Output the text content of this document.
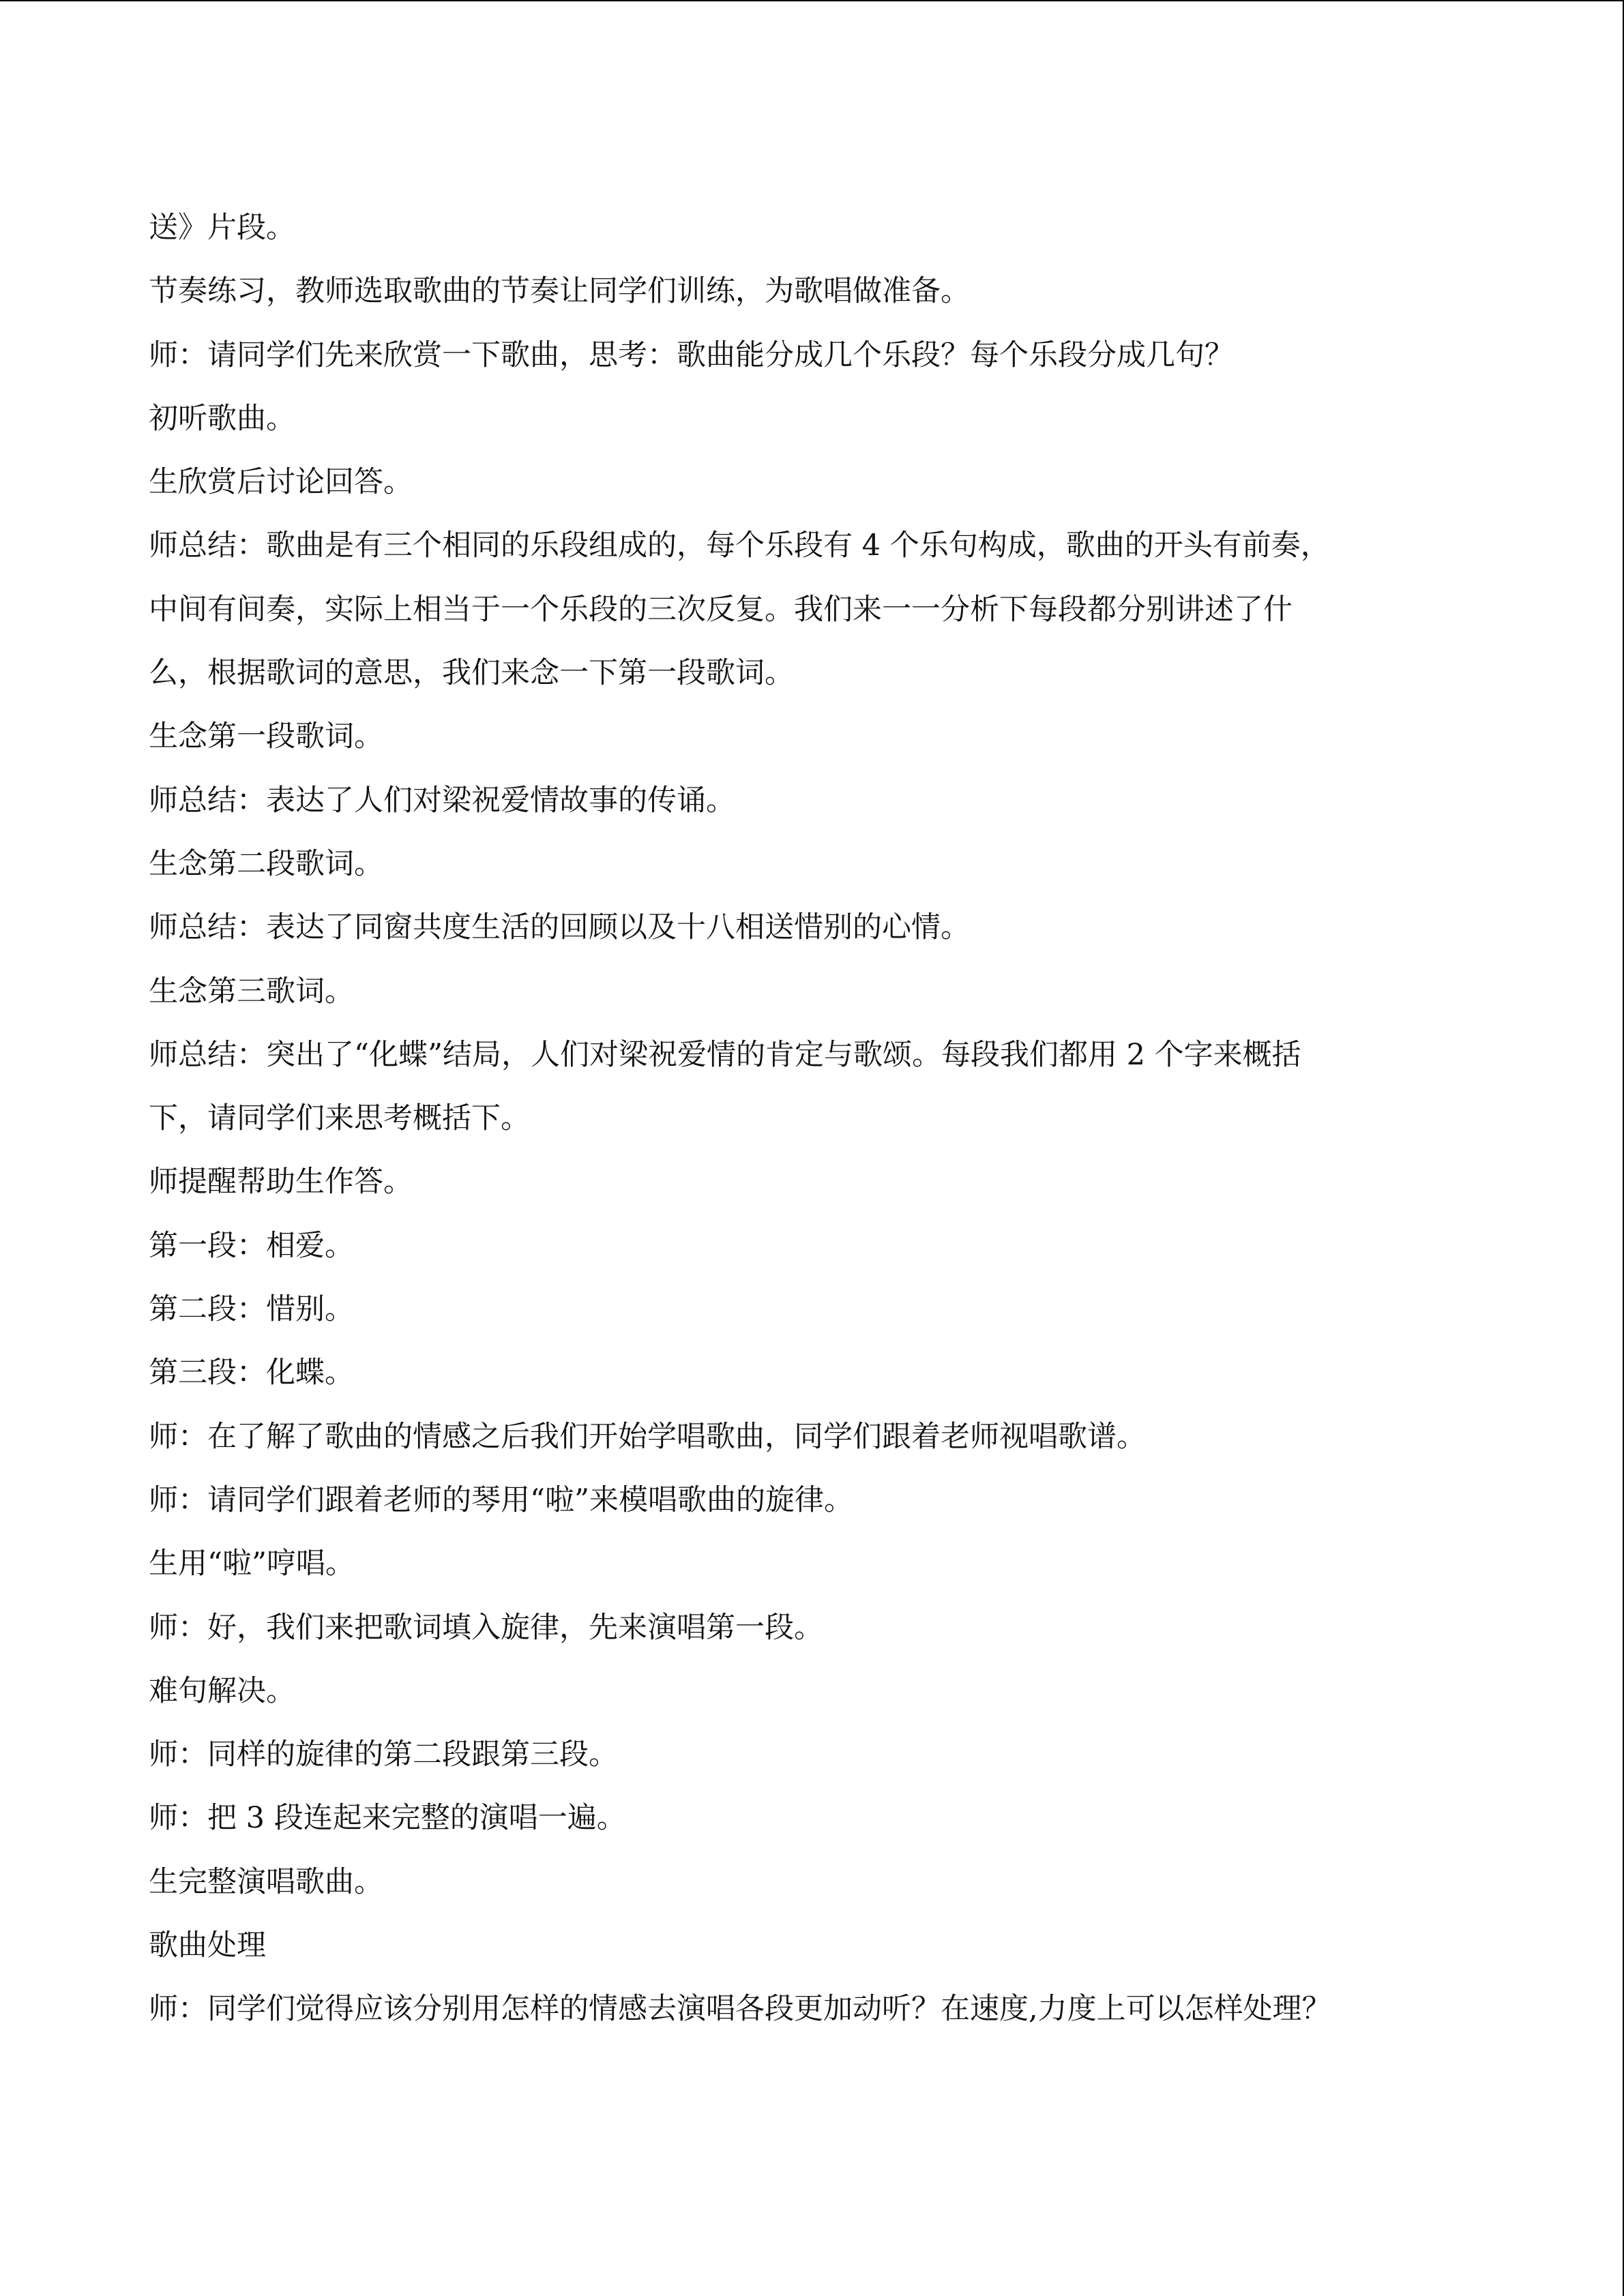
送》片段。

节奏练习，教师选取歌曲的节奏让同学们训练，为歌唱做准备。

师：请同学们先来欣赏一下歌曲，思考：歌曲能分成几个乐段？每个乐段分成几句？

初听歌曲。

生欣赏后讨论回答。

师总结：歌曲是有三个相同的乐段组成的，每个乐段有 4 个乐句构成，歌曲的开头有前奏，

中间有间奏，实际上相当于一个乐段的三次反复。我们来一一分析下每段都分别讲述了什

么，根据歌词的意思，我们来念一下第一段歌词。

生念第一段歌词。

师总结：表达了人们对梁祝爱情故事的传诵。

生念第二段歌词。

师总结：表达了同窗共度生活的回顾以及十八相送惜别的心情。

生念第三歌词。

师总结：突出了“化蝶”结局，人们对梁祝爱情的肯定与歌颂。每段我们都用 2 个字来概括

下，请同学们来思考概括下。

师提醒帮助生作答。

第一段：相爱。

第二段：惜别。

第三段：化蝶。

师：在了解了歌曲的情感之后我们开始学唱歌曲，同学们跟着老师视唱歌谱。

师：请同学们跟着老师的琴用“啦”来模唱歌曲的旋律。

生用“啦”哼唱。

师：好，我们来把歌词填入旋律，先来演唱第一段。

难句解决。

师：同样的旋律的第二段跟第三段。

师：把 3 段连起来完整的演唱一遍。

生完整演唱歌曲。

歌曲处理

师：同学们觉得应该分别用怎样的情感去演唱各段更加动听？在速度,力度上可以怎样处理？
